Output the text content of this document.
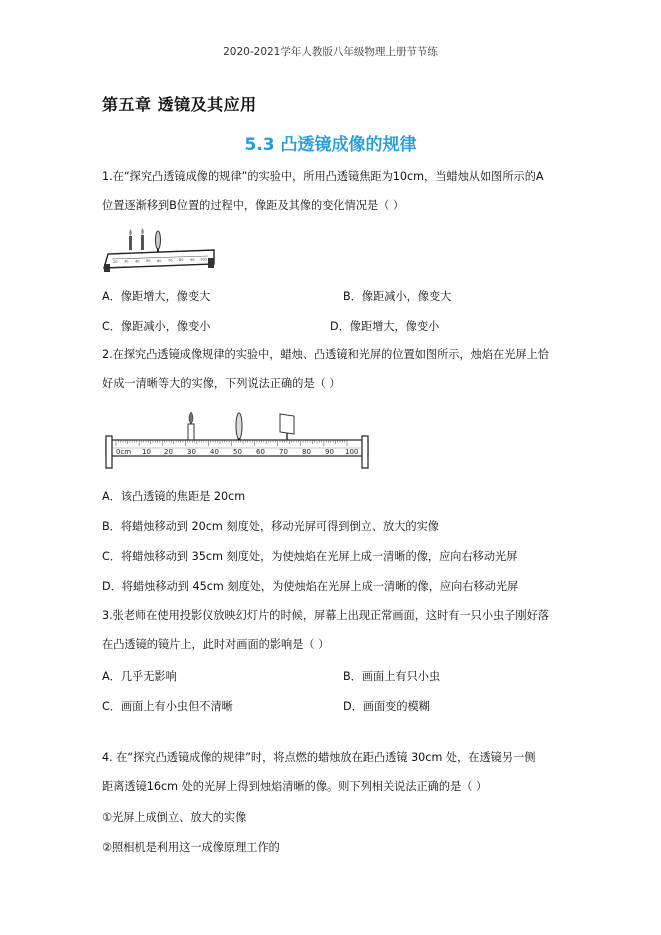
2020-2021学年人教版八年级物理上册节节练
第五章 透镜及其应用
5.3 凸透镜成像的规律
1.在“探究凸透镜成像的规律”的实验中，所用凸透镜焦距为10cm，当蜡烛从如图所示的A
位置逐渐移到B位置的过程中，像距及其像的变化情况是（ ）
20 30 40 50 60 70 80 90 100
A．像距增大，像变大	B．像距减小，像变大
C．像距减小，像变小	D．像距增大，像变小
2.在探究凸透镜成像规律的实验中，蜡烛、凸透镜和光屏的位置如图所示，烛焰在光屏上恰
好成一清晰等大的实像，下列说法正确的是（ ）
0cm 10 20 30 40 50 60 70 80 90 100
A．该凸透镜的焦距是 20cm
B．将蜡烛移动到 20cm 刻度处，移动光屏可得到倒立、放大的实像
C．将蜡烛移动到 35cm 刻度处，为使烛焰在光屏上成一清晰的像，应向右移动光屏
D．将蜡烛移动到 45cm 刻度处，为使烛焰在光屏上成一清晰的像，应向右移动光屏
3.张老师在使用投影仪放映幻灯片的时候，屏幕上出现正常画面，这时有一只小虫子刚好落
在凸透镜的镜片上，此时对画面的影响是（ ）
A．几乎无影响	B．画面上有只小虫
C．画面上有小虫但不清晰	D．画面变的模糊
4. 在“探究凸透镜成像的规律”时，将点燃的蜡烛放在距凸透镜 30cm 处，在透镜另一侧
距离透镜16cm 处的光屏上得到烛焰清晰的像。则下列相关说法正确的是（ ）
①光屏上成倒立、放大的实像
②照相机是利用这一成像原理工作的
